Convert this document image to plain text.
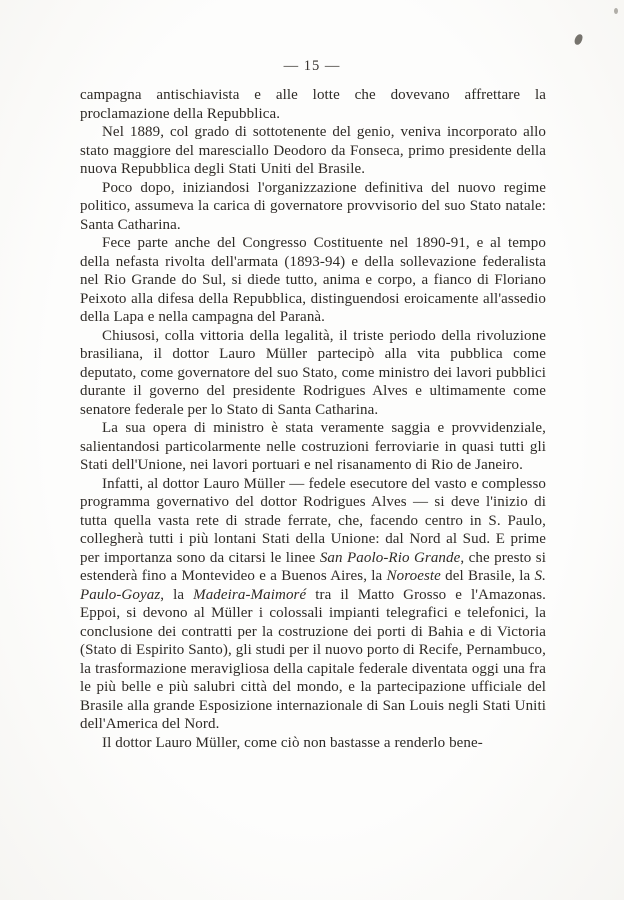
— 15 —

campagna antischiavista e alle lotte che dovevano affrettare la proclamazione della Repubblica.

Nel 1889, col grado di sottotenente del genio, veniva incorporato allo stato maggiore del maresciallo Deodoro da Fonseca, primo presidente della nuova Repubblica degli Stati Uniti del Brasile.

Poco dopo, iniziandosi l'organizzazione definitiva del nuovo regime politico, assumeva la carica di governatore provvisorio del suo Stato natale: Santa Catharina.

Fece parte anche del Congresso Costituente nel 1890-91, e al tempo della nefasta rivolta dell'armata (1893-94) e della sollevazione federalista nel Rio Grande do Sul, si diede tutto, anima e corpo, a fianco di Floriano Peixoto alla difesa della Repubblica, distinguendosi eroicamente all'assedio della Lapa e nella campagna del Paranà.

Chiusosi, colla vittoria della legalità, il triste periodo della rivoluzione brasiliana, il dottor Lauro Müller partecipò alla vita pubblica come deputato, come governatore del suo Stato, come ministro dei lavori pubblici durante il governo del presidente Rodrigues Alves e ultimamente come senatore federale per lo Stato di Santa Catharina.

La sua opera di ministro è stata veramente saggia e provvidenziale, salientandosi particolarmente nelle costruzioni ferroviarie in quasi tutti gli Stati dell'Unione, nei lavori portuari e nel risanamento di Rio de Janeiro.

Infatti, al dottor Lauro Müller — fedele esecutore del vasto e complesso programma governativo del dottor Rodrigues Alves — si deve l'inizio di tutta quella vasta rete di strade ferrate, che, facendo centro in S. Paulo, collegherà tutti i più lontani Stati della Unione: dal Nord al Sud. E prime per importanza sono da citarsi le linee San Paolo-Rio Grande, che presto si estenderà fino a Montevideo e a Buenos Aires, la Noroeste del Brasile, la S. Paulo-Goyaz, la Madeira-Maimoré tra il Matto Grosso e l'Amazonas. Eppoi, si devono al Müller i colossali impianti telegrafici e telefonici, la conclusione dei contratti per la costruzione dei porti di Bahia e di Victoria (Stato di Espirito Santo), gli studi per il nuovo porto di Recife, Pernambuco, la trasformazione meravigliosa della capitale federale diventata oggi una fra le più belle e più salubri città del mondo, e la partecipazione ufficiale del Brasile alla grande Esposizione internazionale di San Louis negli Stati Uniti dell'America del Nord.

Il dottor Lauro Müller, come ciò non bastasse a renderlo bene-
